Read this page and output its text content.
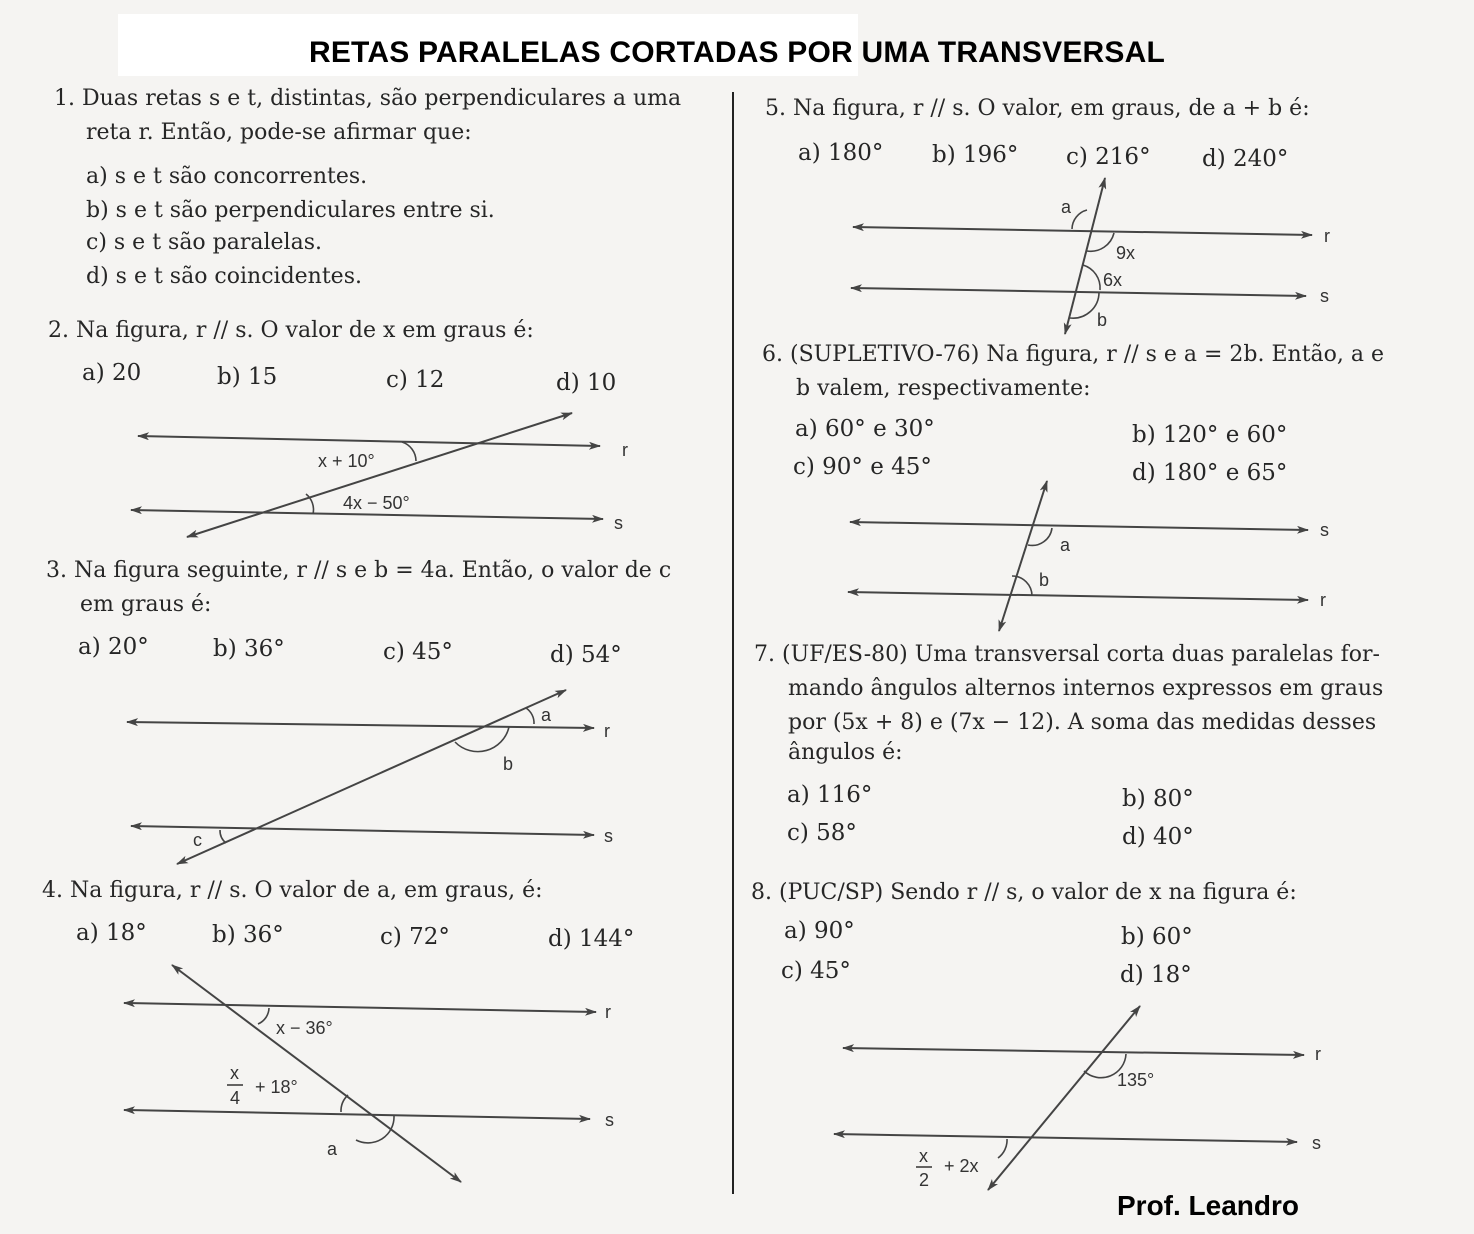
RETAS PARALELAS CORTADAS POR UMA TRANSVERSAL
1. Duas retas s e t, distintas, são perpendiculares a uma
reta r. Então, pode-se afirmar que:
a) s e t são concorrentes.
b) s e t são perpendiculares entre si.
c) s e t são paralelas.
d) s e t são coincidentes.
2. Na figura, r // s. O valor de x em graus é:
a) 20	b) 15	c) 12	d) 10
x + 10°
4x − 50°
r
s
3. Na figura seguinte, r // s e b = 4a. Então, o valor de c
em graus é:
a) 20°	b) 36°	c) 45°	d) 54°
a
b
c
r
s
4. Na figura, r // s. O valor de a, em graus, é:
a) 18°	b) 36°	c) 72°	d) 144°
x − 36°
x
4
+ 18°
a
r
s
5. Na figura, r // s. O valor, em graus, de a + b é:
a) 180° b) 196° c) 216° d) 240°
a
9x
6x
b
r
s
6. (SUPLETIVO-76) Na figura, r // s e a = 2b. Então, a e
b valem, respectivamente:
a) 60° e 30°	b) 120° e 60°
c) 90° e 45°	d) 180° e 65°
a
b
s
r
7. (UF/ES-80) Uma transversal corta duas paralelas for-
mando ângulos alternos internos expressos em graus
por (5x + 8) e (7x − 12). A soma das medidas desses
ângulos é:
a) 116°	b) 80°
c) 58°	d) 40°
8. (PUC/SP) Sendo r // s, o valor de x na figura é:
a) 90°	b) 60°
c) 45°	d) 18°
135°
x
2
+ 2x
r
s
Prof. Leandro
